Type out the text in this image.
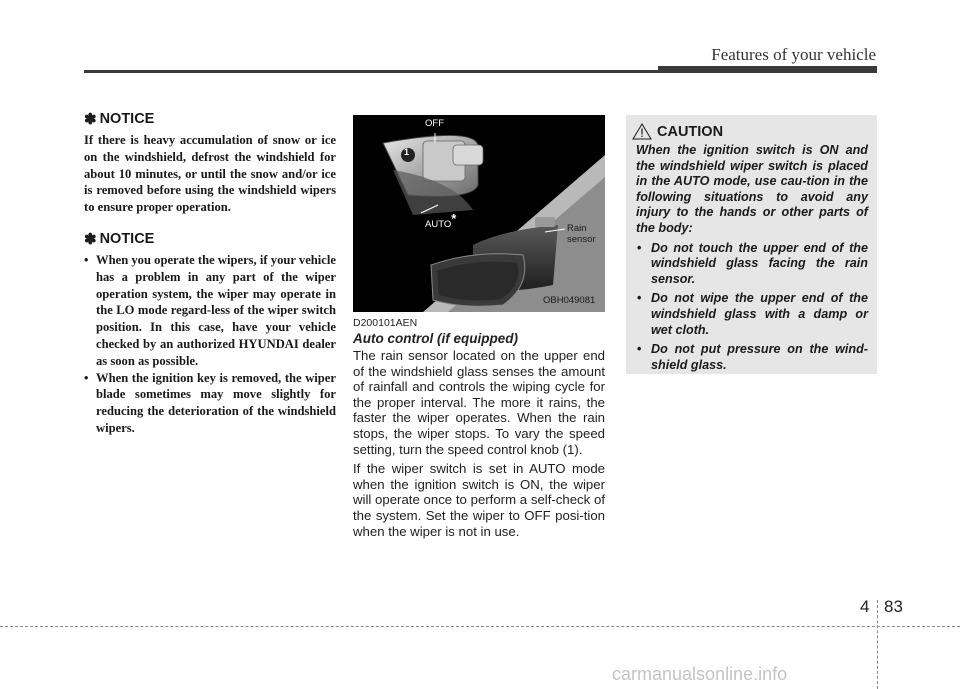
Features of your vehicle
✽ NOTICE

If there is heavy accumulation of snow or ice on the windshield, defrost the windshield for about 10 minutes, or until the snow and/or ice is removed before using the windshield wipers to ensure proper operation.

✽ NOTICE
• When you operate the wipers, if your vehicle has a problem in any part of the wiper operation system, the wiper may operate in the LO mode regard-less of the wiper switch position. In this case, have your vehicle checked by an authorized HYUNDAI dealer as soon as possible.
• When the ignition key is removed, the wiper blade sometimes may move slightly for reducing the deterioration of the windshield wipers.
OFF
1
AUTO*
Rain
sensor
OBH049081
D200101AEN
Auto control (if equipped)

The rain sensor located on the upper end of the windshield glass senses the amount of rainfall and controls the wiping cycle for the proper interval. The more it rains, the faster the wiper operates. When the rain stops, the wiper stops. To vary the speed setting, turn the speed control knob (1).

If the wiper switch is set in AUTO mode when the ignition switch is ON, the wiper will operate once to perform a self-check of the system. Set the wiper to OFF posi-tion when the wiper is not in use.

CAUTION

When the ignition switch is ON and the windshield wiper switch is placed in the AUTO mode, use cau-tion in the following situations to avoid any injury to the hands or other parts of the body:

• Do not touch the upper end of the windshield glass facing the rain sensor.
• Do not wipe the upper end of the windshield glass with a damp or wet cloth.
• Do not put pressure on the wind-shield glass.
4 83
carmanualsonline.info
